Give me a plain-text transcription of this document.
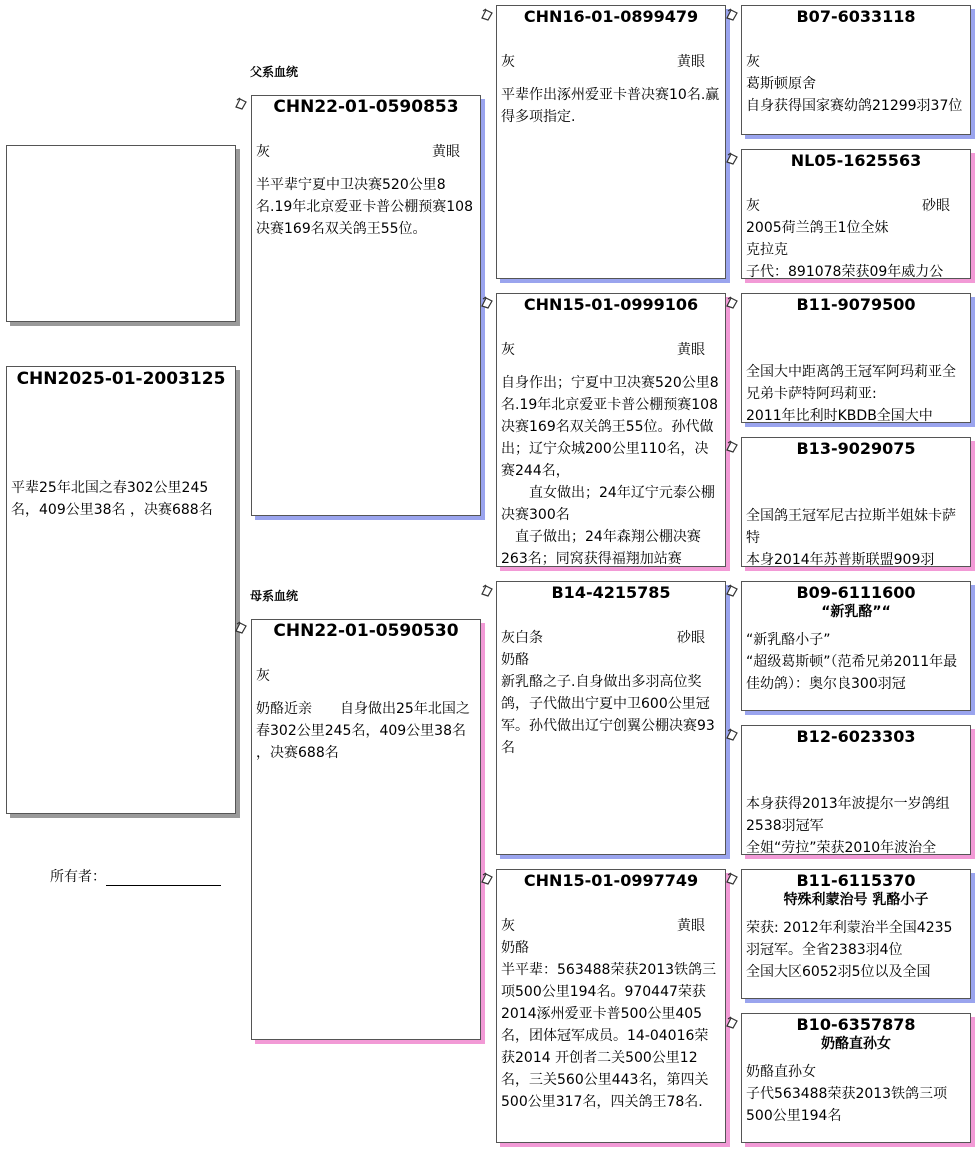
CHN2025-01-2003125
平辈25年北国之春302公里245名，409公里38名 ，决赛688名
所有者：
父系血统
母系血统
CHN22-01-0590853
灰	黄眼
半平辈宁夏中卫决赛520公里8名.19年北京爱亚卡普公棚预赛108决赛169名双关鸽王55位。
CHN22-01-0590530
灰
奶酪近亲　　自身做出25年北国之春302公里245名，409公里38名 ，决赛688名
CHN16-01-0899479
灰	黄眼
平辈作出涿州爱亚卡普决赛10名.赢得多项指定.
CHN15-01-0999106
灰	黄眼
自身作出；宁夏中卫决赛520公里8名.19年北京爱亚卡普公棚预赛108决赛169名双关鸽王55位。孙代做出；辽宁众城200公里110名，决赛244名，
　　直女做出；24年辽宁元泰公棚决赛300名
　直子做出；24年森翔公棚决赛263名；同窝获得福翔加站赛
B14-4215785
灰白条	砂眼
奶酪
新乳酪之子.自身做出多羽高位奖鸽，子代做出宁夏中卫600公里冠军。孙代做出辽宁创翼公棚决赛93名
CHN15-01-0997749
灰	黄眼
奶酪
半平辈：563488荣获2013铁鸽三项500公里194名。970447荣获2014涿州爱亚卡普500公里405名，团体冠军成员。14-04016荣获2014 开创者二关500公里12名，三关560公里443名，第四关500公里317名，四关鸽王78名.
B07-6033118
灰
葛斯顿原舍
自身获得国家赛幼鸽21299羽37位
NL05-1625563
灰	砂眼
2005荷兰鸽王1位全妹
克拉克
子代：891078荣获09年威力公
B11-9079500
全国大中距离鸽王冠军阿玛莉亚全兄弟卡萨特阿玛莉亚:
2011年比利时KBDB全国大中
B13-9029075
全国鸽王冠军尼古拉斯半姐妹卡萨特
本身2014年苏普斯联盟909羽
B09-6111600
“新乳酪”“
“新乳酪小子”
“超级葛斯顿”（范希兄弟2011年最佳幼鸽）：奥尔良300羽冠
B12-6023303
本身获得2013年波提尔一岁鸽组2538羽冠军
全姐“劳拉”荣获2010年波治全
B11-6115370
特殊利蒙治号 乳酪小子
荣获: 2012年利蒙治半全国4235羽冠军。全省2383羽4位
全国大区6052羽5位以及全国
B10-6357878
奶酪直孙女
奶酪直孙女
子代563488荣获2013铁鸽三项500公里194名
